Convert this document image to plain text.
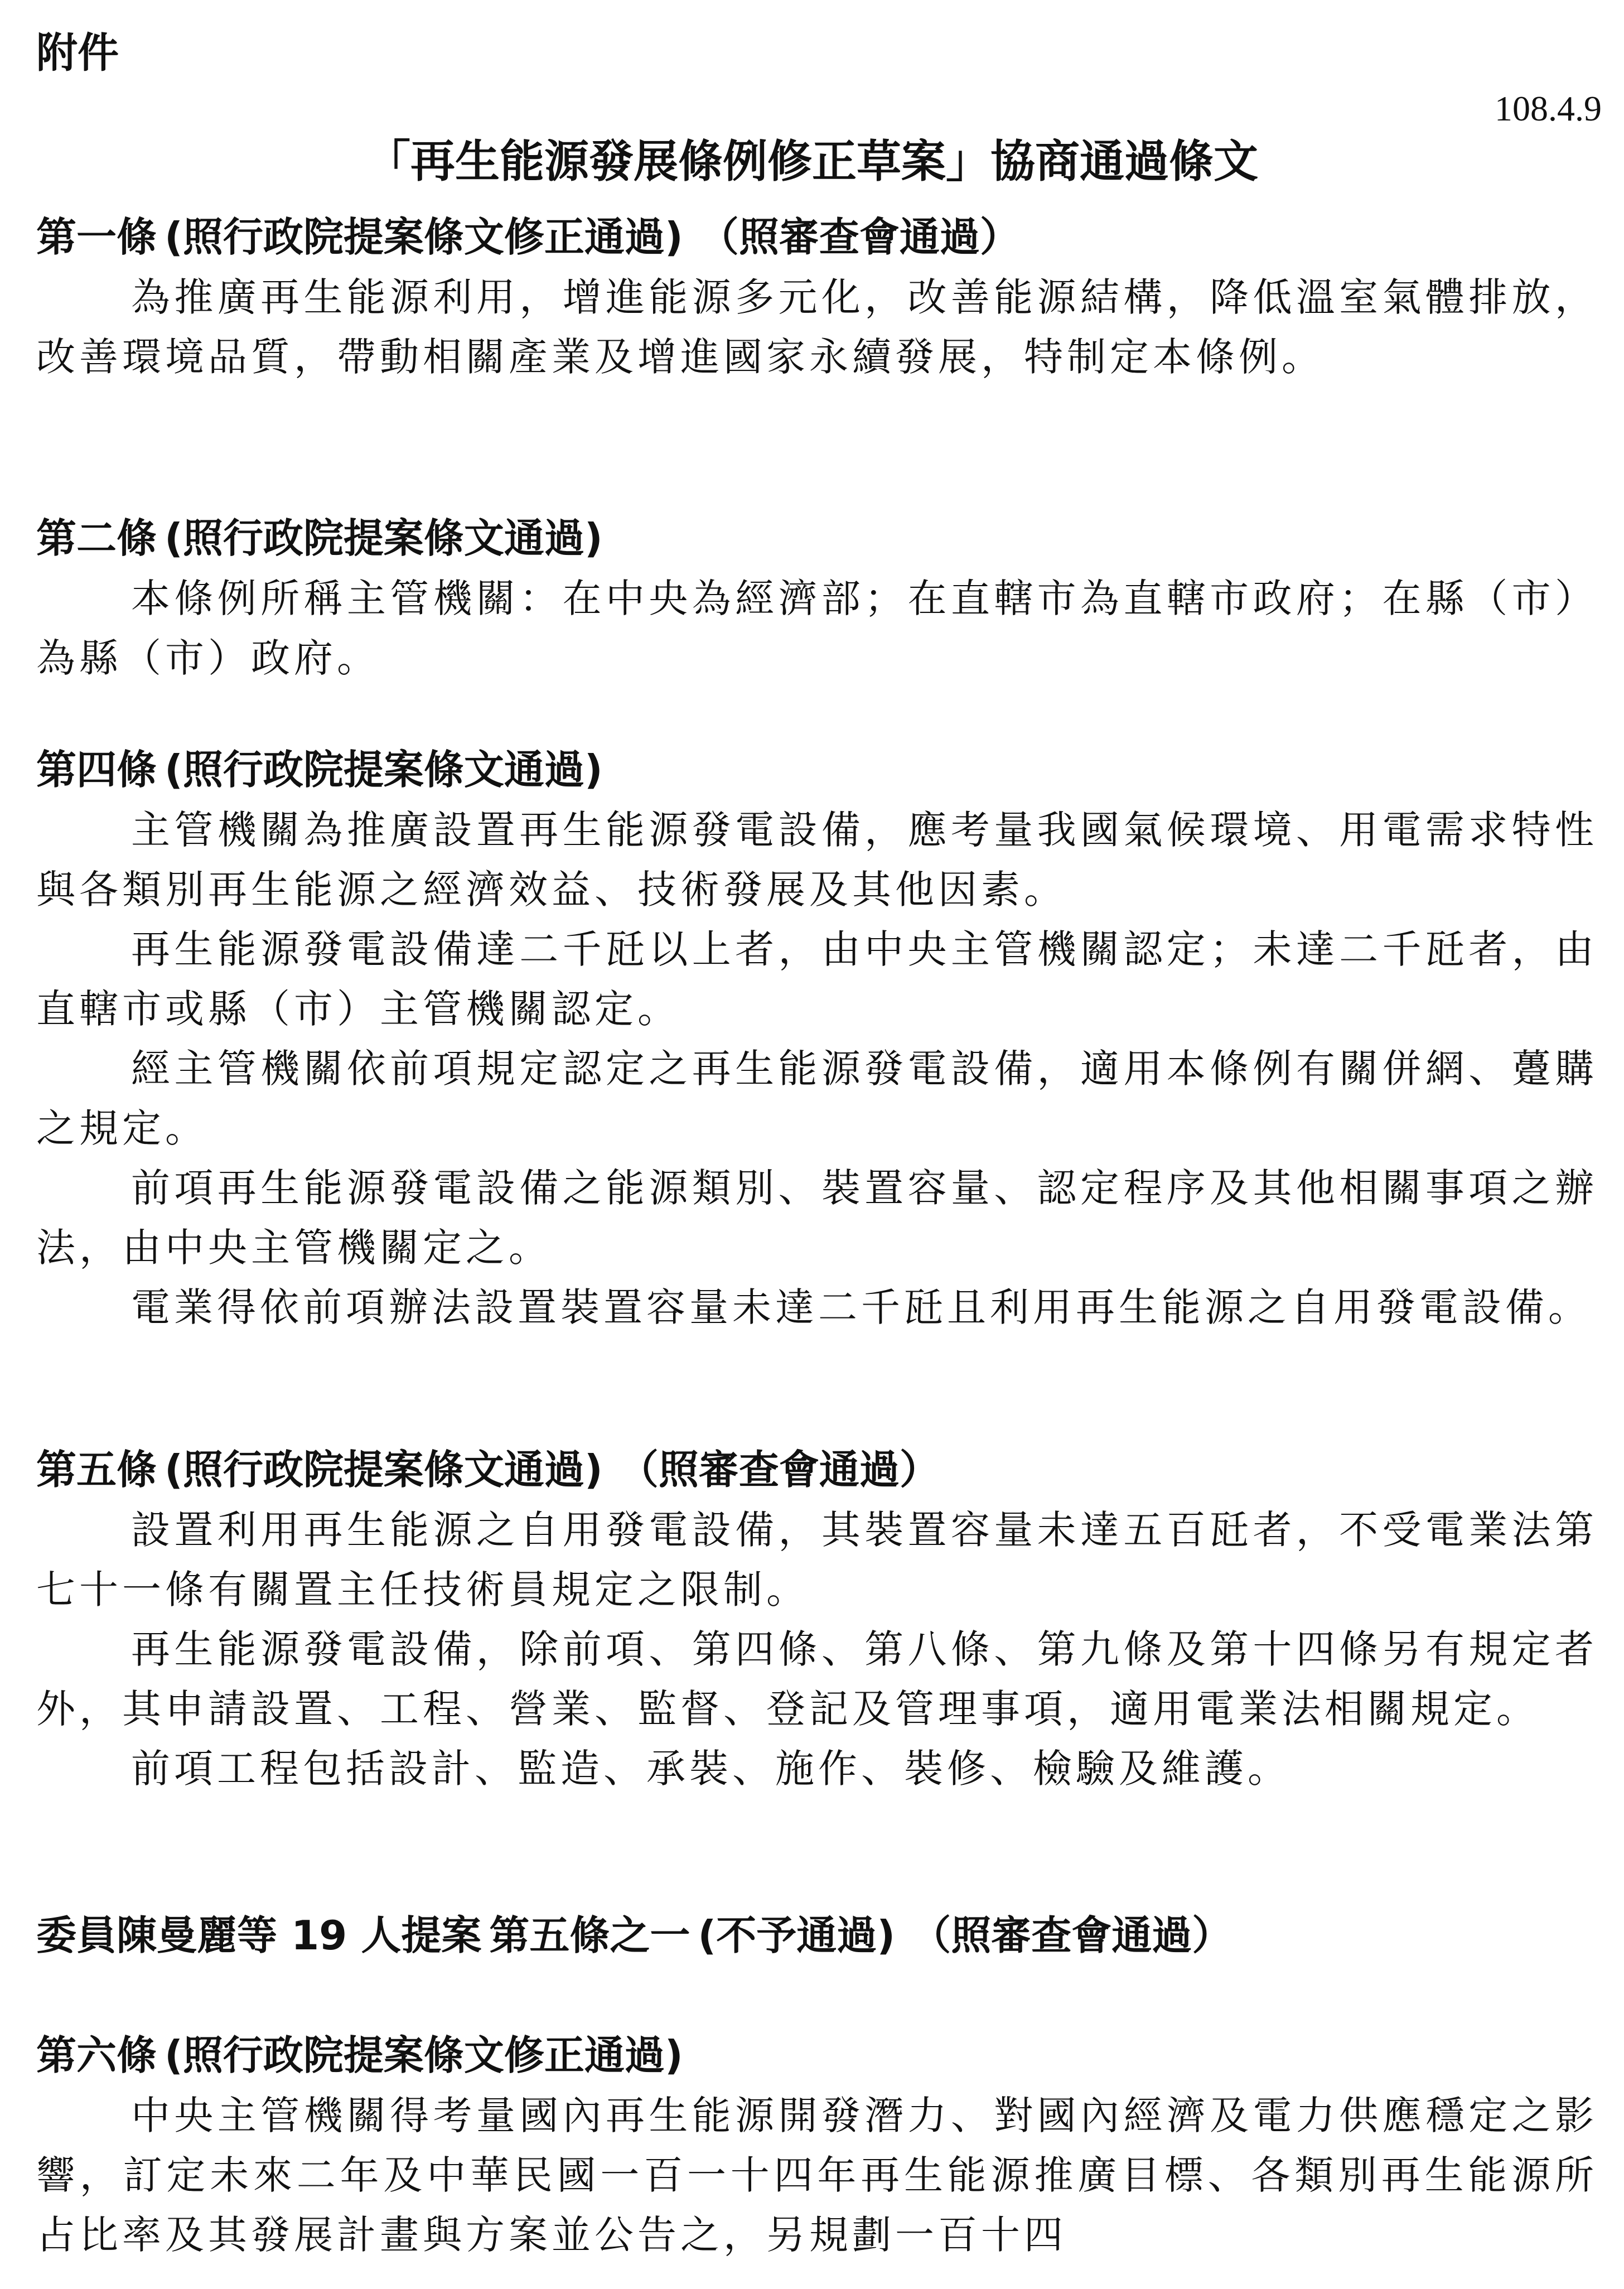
附件
108.4.9
「再生能源發展條例修正草案」協商通過條文
第一條 (照行政院提案條文修正通過) （照審查會通過）

為推廣再生能源利用，增進能源多元化，改善能源結構，降低溫室氣體排放，改善環境品質，帶動相關產業及增進國家永續發展，特制定本條例。

第二條 (照行政院提案條文通過)

本條例所稱主管機關：在中央為經濟部；在直轄市為直轄市政府；在縣（市）為縣（市）政府。

第四條 (照行政院提案條文通過)

主管機關為推廣設置再生能源發電設備，應考量我國氣候環境、用電需求特性與各類別再生能源之經濟效益、技術發展及其他因素。

再生能源發電設備達二千瓩以上者，由中央主管機關認定；未達二千瓩者，由直轄市或縣（市）主管機關認定。

經主管機關依前項規定認定之再生能源發電設備，適用本條例有關併網、躉購之規定。

前項再生能源發電設備之能源類別、裝置容量、認定程序及其他相關事項之辦法，由中央主管機關定之。

電業得依前項辦法設置裝置容量未達二千瓩且利用再生能源之自用發電設備。

第五條 (照行政院提案條文通過) （照審查會通過）

設置利用再生能源之自用發電設備，其裝置容量未達五百瓩者，不受電業法第七十一條有關置主任技術員規定之限制。

再生能源發電設備，除前項、第四條、第八條、第九條及第十四條另有規定者外，其申請設置、工程、營業、監督、登記及管理事項，適用電業法相關規定。

前項工程包括設計、監造、承裝、施作、裝修、檢驗及維護。

委員陳曼麗等 19 人提案 第五條之一 (不予通過) （照審查會通過）
第六條 (照行政院提案條文修正通過)

中央主管機關得考量國內再生能源開發潛力、對國內經濟及電力供應穩定之影響，訂定未來二年及中華民國一百一十四年再生能源推廣目標、各類別再生能源所占比率及其發展計畫與方案並公告之，另規劃一百十四
